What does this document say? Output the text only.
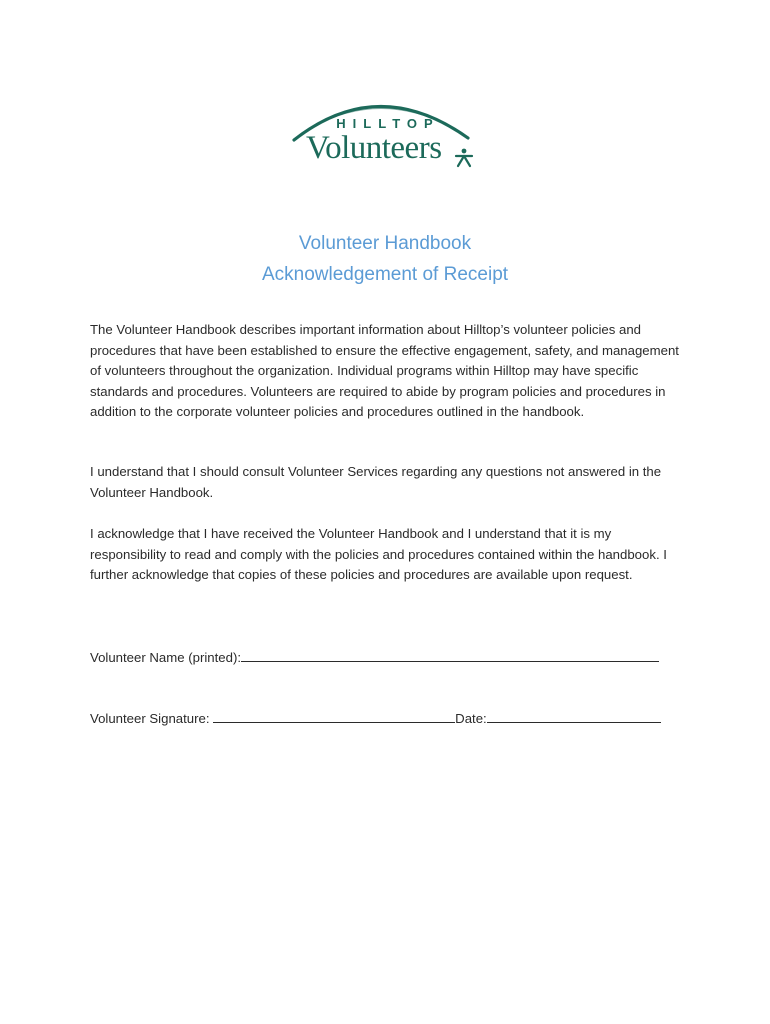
HILLTOP
Volunteers
Volunteer Handbook
Acknowledgement of Receipt

The Volunteer Handbook describes important information about Hilltop’s volunteer policies and procedures that have been established to ensure the effective engagement, safety, and management of volunteers throughout the organization. Individual programs within Hilltop may have specific standards and procedures. Volunteers are required to abide by program policies and procedures in addition to the corporate volunteer policies and procedures outlined in the handbook.

I understand that I should consult Volunteer Services regarding any questions not answered in the Volunteer Handbook.

I acknowledge that I have received the Volunteer Handbook and I understand that it is my responsibility to read and comply with the policies and procedures contained within the handbook. I further acknowledge that copies of these policies and procedures are available upon request.

Volunteer Name (printed):
Volunteer Signature:	Date:
